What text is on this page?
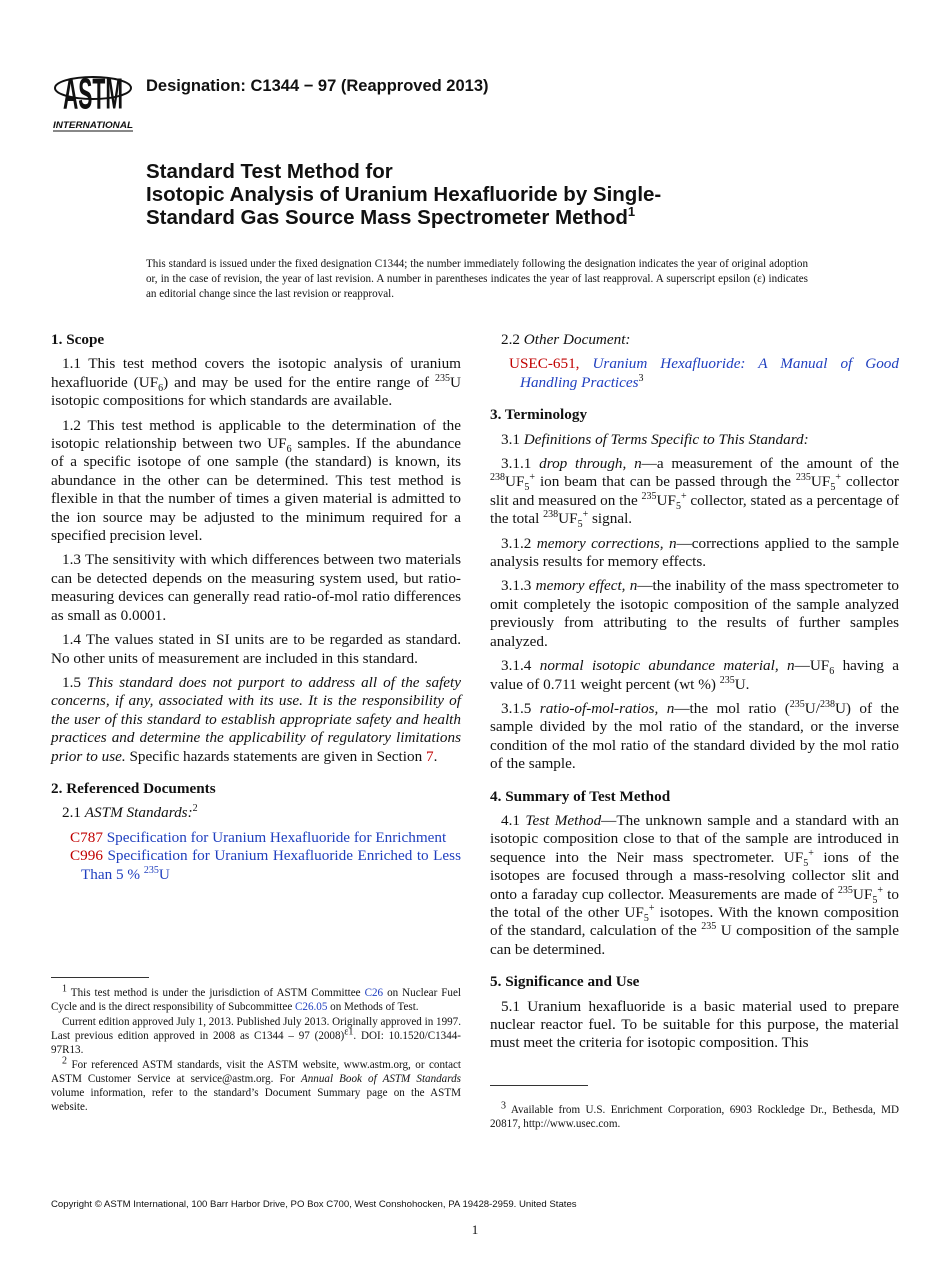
ASTM
INTERNATIONAL
Designation: C1344 − 97 (Reapproved 2013)
Standard Test Method for
Isotopic Analysis of Uranium Hexafluoride by Single-
Standard Gas Source Mass Spectrometer Method$^1$
This standard is issued under the fixed designation C1344; the number immediately following the designation indicates the year of original adoption or, in the case of revision, the year of last revision. A number in parentheses indicates the year of last reapproval. A superscript epsilon (ε) indicates an editorial change since the last revision or reapproval.
1. Scope

1.1 This test method covers the isotopic analysis of uranium hexafluoride $(UF_6)$ and may be used for the entire range of $^{235}$U isotopic compositions for which standards are available.

1.2 This test method is applicable to the determination of the isotopic relationship between two $UF_6$ samples. If the abundance of a specific isotope of one sample (the standard) is known, its abundance in the other can be determined. This test method is flexible in that the number of times a given material is admitted to the ion source may be adjusted to the minimum required for a specified precision level.

1.3 The sensitivity with which differences between two materials can be detected depends on the measuring system used, but ratio-measuring devices can generally read ratio-of-mol ratio differences as small as 0.0001.

1.4 The values stated in SI units are to be regarded as standard. No other units of measurement are included in this standard.

1.5 This standard does not purport to address all of the safety concerns, if any, associated with its use. It is the responsibility of the user of this standard to establish appropriate safety and health practices and determine the applicability of regulatory limitations prior to use. Specific hazards statements are given in Section 7.

2. Referenced Documents

2.1 ASTM Standards:$^2$

C787 Specification for Uranium Hexafluoride for Enrichment

C996 Specification for Uranium Hexafluoride Enriched to Less Than 5 % $^{235}$U

2.2 Other Document:

USEC-651, Uranium Hexafluoride: A Manual of Good Handling Practices$^3$

3. Terminology

3.1 Definitions of Terms Specific to This Standard:

3.1.1 drop through, n—a measurement of the amount of the $^{238}UF_5^+$ ion beam that can be passed through the $^{235}UF_5^+$ collector slit and measured on the $^{235}UF_5^+$ collector, stated as a percentage of the total $^{238}UF_5^+$ signal.

3.1.2 memory corrections, n—corrections applied to the sample analysis results for memory effects.

3.1.3 memory effect, n—the inability of the mass spectrometer to omit completely the isotopic composition of the sample analyzed previously from attributing to the results of further samples analyzed.

3.1.4 normal isotopic abundance material, $n—UF_6$ having a value of 0.711 weight percent (wt %) $^{235}$U.

3.1.5 ratio-of-mol-ratios, n—the mol ratio ($^{235}$U/$^{238}$U) of the sample divided by the mol ratio of the standard, or the inverse condition of the mol ratio of the standard divided by the mol ratio of the sample.

4. Summary of Test Method

4.1 Test Method—The unknown sample and a standard with an isotopic composition close to that of the sample are introduced in sequence into the Neir mass spectrometer. $UF_5^+$ ions of the isotopes are focused through a mass-resolving collector slit and onto a faraday cup collector. Measurements are made of $^{235}UF_5^+$ to the total of the other $UF_5^+$ isotopes. With the known composition of the standard, calculation of the $^{235}$ U composition of the sample can be determined.

5. Significance and Use

5.1 Uranium hexafluoride is a basic material used to prepare nuclear reactor fuel. To be suitable for this purpose, the material must meet the criteria for isotopic composition. This

$^1$ This test method is under the jurisdiction of ASTM Committee C26 on Nuclear Fuel Cycle and is the direct responsibility of Subcommittee C26.05 on Methods of Test.

Current edition approved July 1, 2013. Published July 2013. Originally approved in 1997. Last previous edition approved in 2008 as C1344 – 97 $(2008)^{\varepsilon 1}$. DOI: 10.1520/C1344-97R13.

$^2$ For referenced ASTM standards, visit the ASTM website, www.astm.org, or contact ASTM Customer Service at service@astm.org. For Annual Book of ASTM Standards volume information, refer to the standard’s Document Summary page on the ASTM website.	$^3$ Available from U.S. Enrichment Corporation, 6903 Rockledge Dr., Bethesda, MD 20817, http://www.usec.com.

Copyright © ASTM International, 100 Barr Harbor Drive, PO Box C700, West Conshohocken, PA 19428-2959. United States
1
